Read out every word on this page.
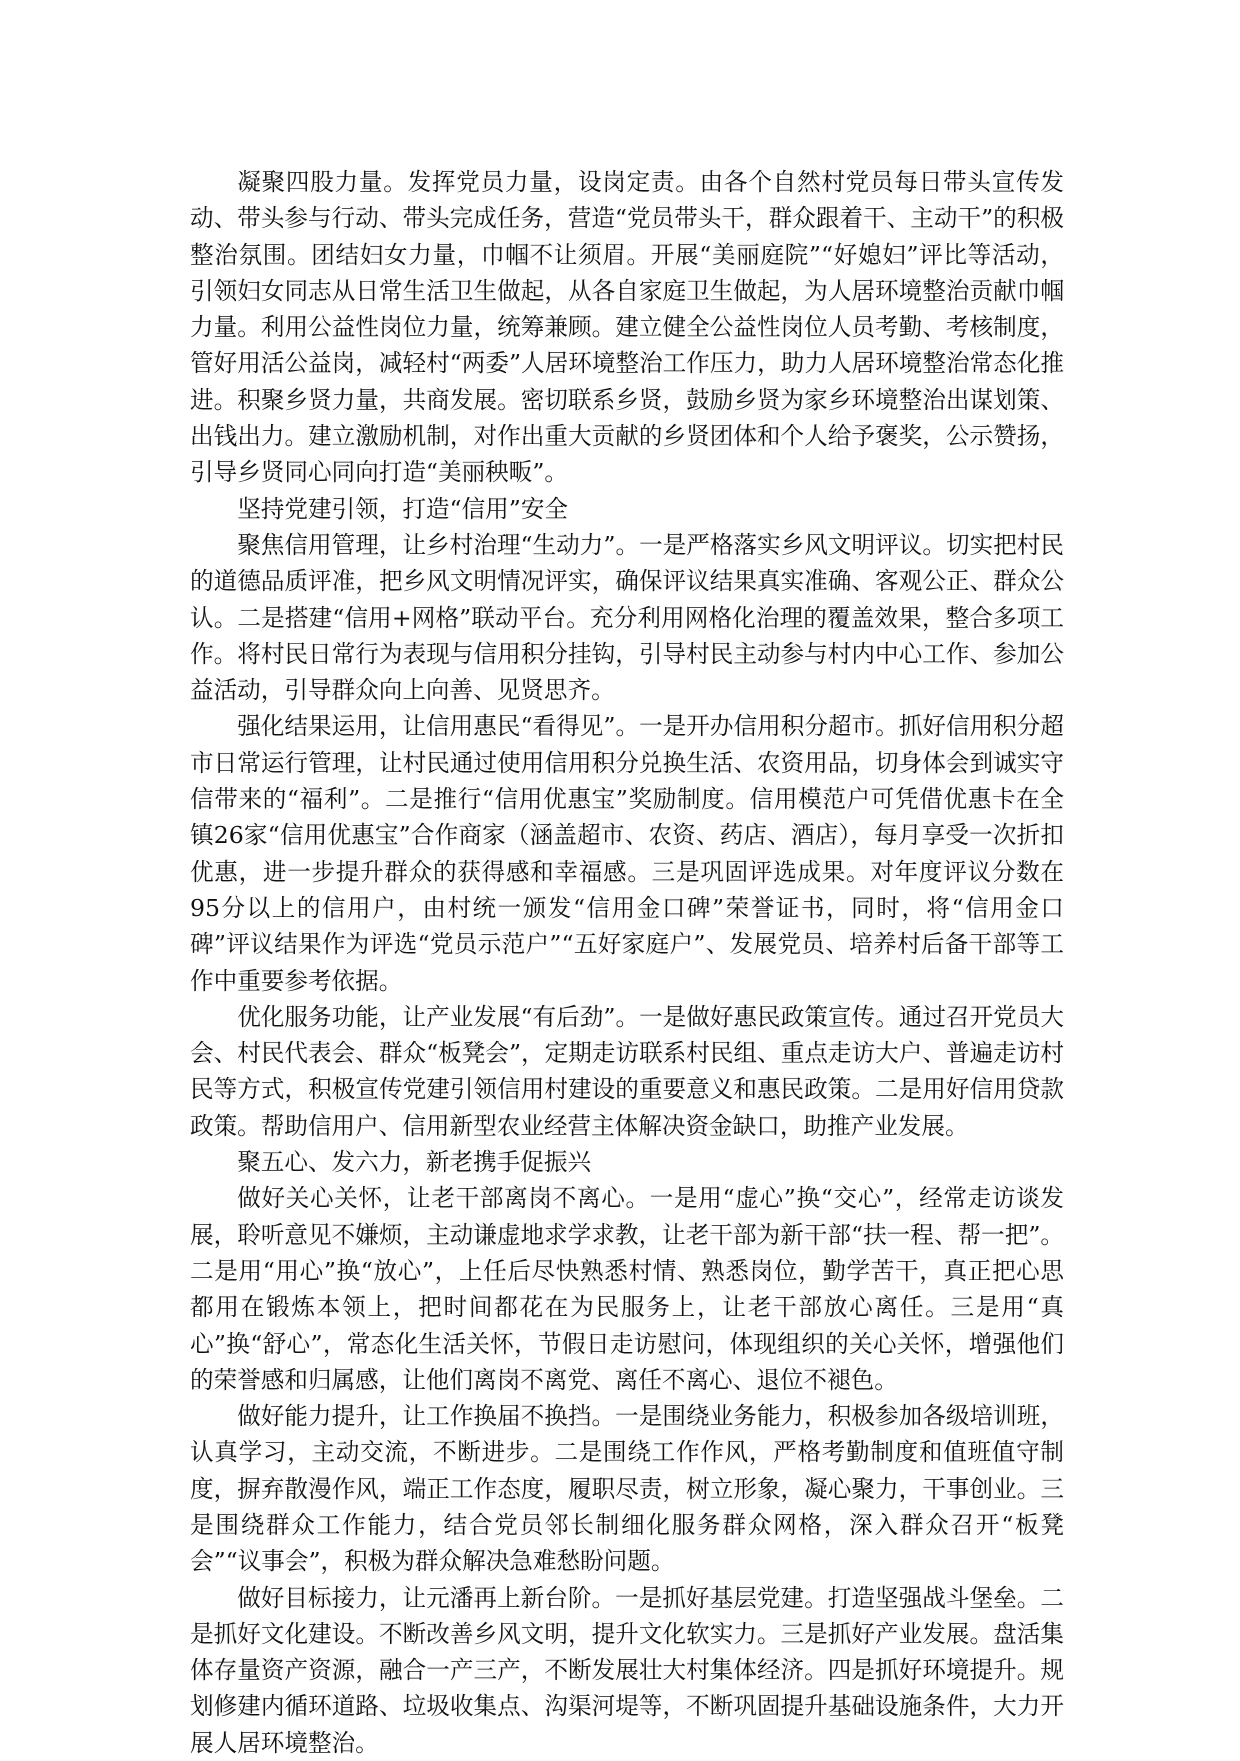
凝聚四股力量。发挥党员力量，设岗定责。由各个自然村党员每日带头宣传发动、带头参与行动、带头完成任务，营造“党员带头干，群众跟着干、主动干”的积极整治氛围。团结妇女力量，巾帼不让须眉。开展“美丽庭院”“好媳妇”评比等活动，引领妇女同志从日常生活卫生做起，从各自家庭卫生做起，为人居环境整治贡献巾帼力量。利用公益性岗位力量，统筹兼顾。建立健全公益性岗位人员考勤、考核制度，管好用活公益岗，减轻村“两委”人居环境整治工作压力，助力人居环境整治常态化推进。积聚乡贤力量，共商发展。密切联系乡贤，鼓励乡贤为家乡环境整治出谋划策、出钱出力。建立激励机制，对作出重大贡献的乡贤团体和个人给予褒奖，公示赞扬，引导乡贤同心同向打造“美丽秧畈”。

坚持党建引领，打造“信用”安全

聚焦信用管理，让乡村治理“生动力”。一是严格落实乡风文明评议。切实把村民的道德品质评准，把乡风文明情况评实，确保评议结果真实准确、客观公正、群众公认。二是搭建“信用+网格”联动平台。充分利用网格化治理的覆盖效果，整合多项工作。将村民日常行为表现与信用积分挂钩，引导村民主动参与村内中心工作、参加公益活动，引导群众向上向善、见贤思齐。

强化结果运用，让信用惠民“看得见”。一是开办信用积分超市。抓好信用积分超市日常运行管理，让村民通过使用信用积分兑换生活、农资用品，切身体会到诚实守信带来的“福利”。二是推行“信用优惠宝”奖励制度。信用模范户可凭借优惠卡在全镇26家“信用优惠宝”合作商家（涵盖超市、农资、药店、酒店），每月享受一次折扣优惠，进一步提升群众的获得感和幸福感。三是巩固评选成果。对年度评议分数在95分以上的信用户，由村统一颁发“信用金口碑”荣誉证书，同时，将“信用金口碑”评议结果作为评选“党员示范户”“五好家庭户”、发展党员、培养村后备干部等工作中重要参考依据。

优化服务功能，让产业发展“有后劲”。一是做好惠民政策宣传。通过召开党员大会、村民代表会、群众“板凳会”，定期走访联系村民组、重点走访大户、普遍走访村民等方式，积极宣传党建引领信用村建设的重要意义和惠民政策。二是用好信用贷款政策。帮助信用户、信用新型农业经营主体解决资金缺口，助推产业发展。

聚五心、发六力，新老携手促振兴

做好关心关怀，让老干部离岗不离心。一是用“虚心”换“交心”，经常走访谈发展，聆听意见不嫌烦，主动谦虚地求学求教，让老干部为新干部“扶一程、帮一把”。二是用“用心”换“放心”，上任后尽快熟悉村情、熟悉岗位，勤学苦干，真正把心思都用在锻炼本领上，把时间都花在为民服务上，让老干部放心离任。三是用“真心”换“舒心”，常态化生活关怀，节假日走访慰问，体现组织的关心关怀，增强他们的荣誉感和归属感，让他们离岗不离党、离任不离心、退位不褪色。

做好能力提升，让工作换届不换挡。一是围绕业务能力，积极参加各级培训班，认真学习，主动交流，不断进步。二是围绕工作作风，严格考勤制度和值班值守制度，摒弃散漫作风，端正工作态度，履职尽责，树立形象，凝心聚力，干事创业。三是围绕群众工作能力，结合党员邻长制细化服务群众网格，深入群众召开“板凳会”“议事会”，积极为群众解决急难愁盼问题。

做好目标接力，让元潘再上新台阶。一是抓好基层党建。打造坚强战斗堡垒。二是抓好文化建设。不断改善乡风文明，提升文化软实力。三是抓好产业发展。盘活集体存量资产资源，融合一产三产，不断发展壮大村集体经济。四是抓好环境提升。规划修建内循环道路、垃圾收集点、沟渠河堤等，不断巩固提升基础设施条件，大力开展人居环境整治。
